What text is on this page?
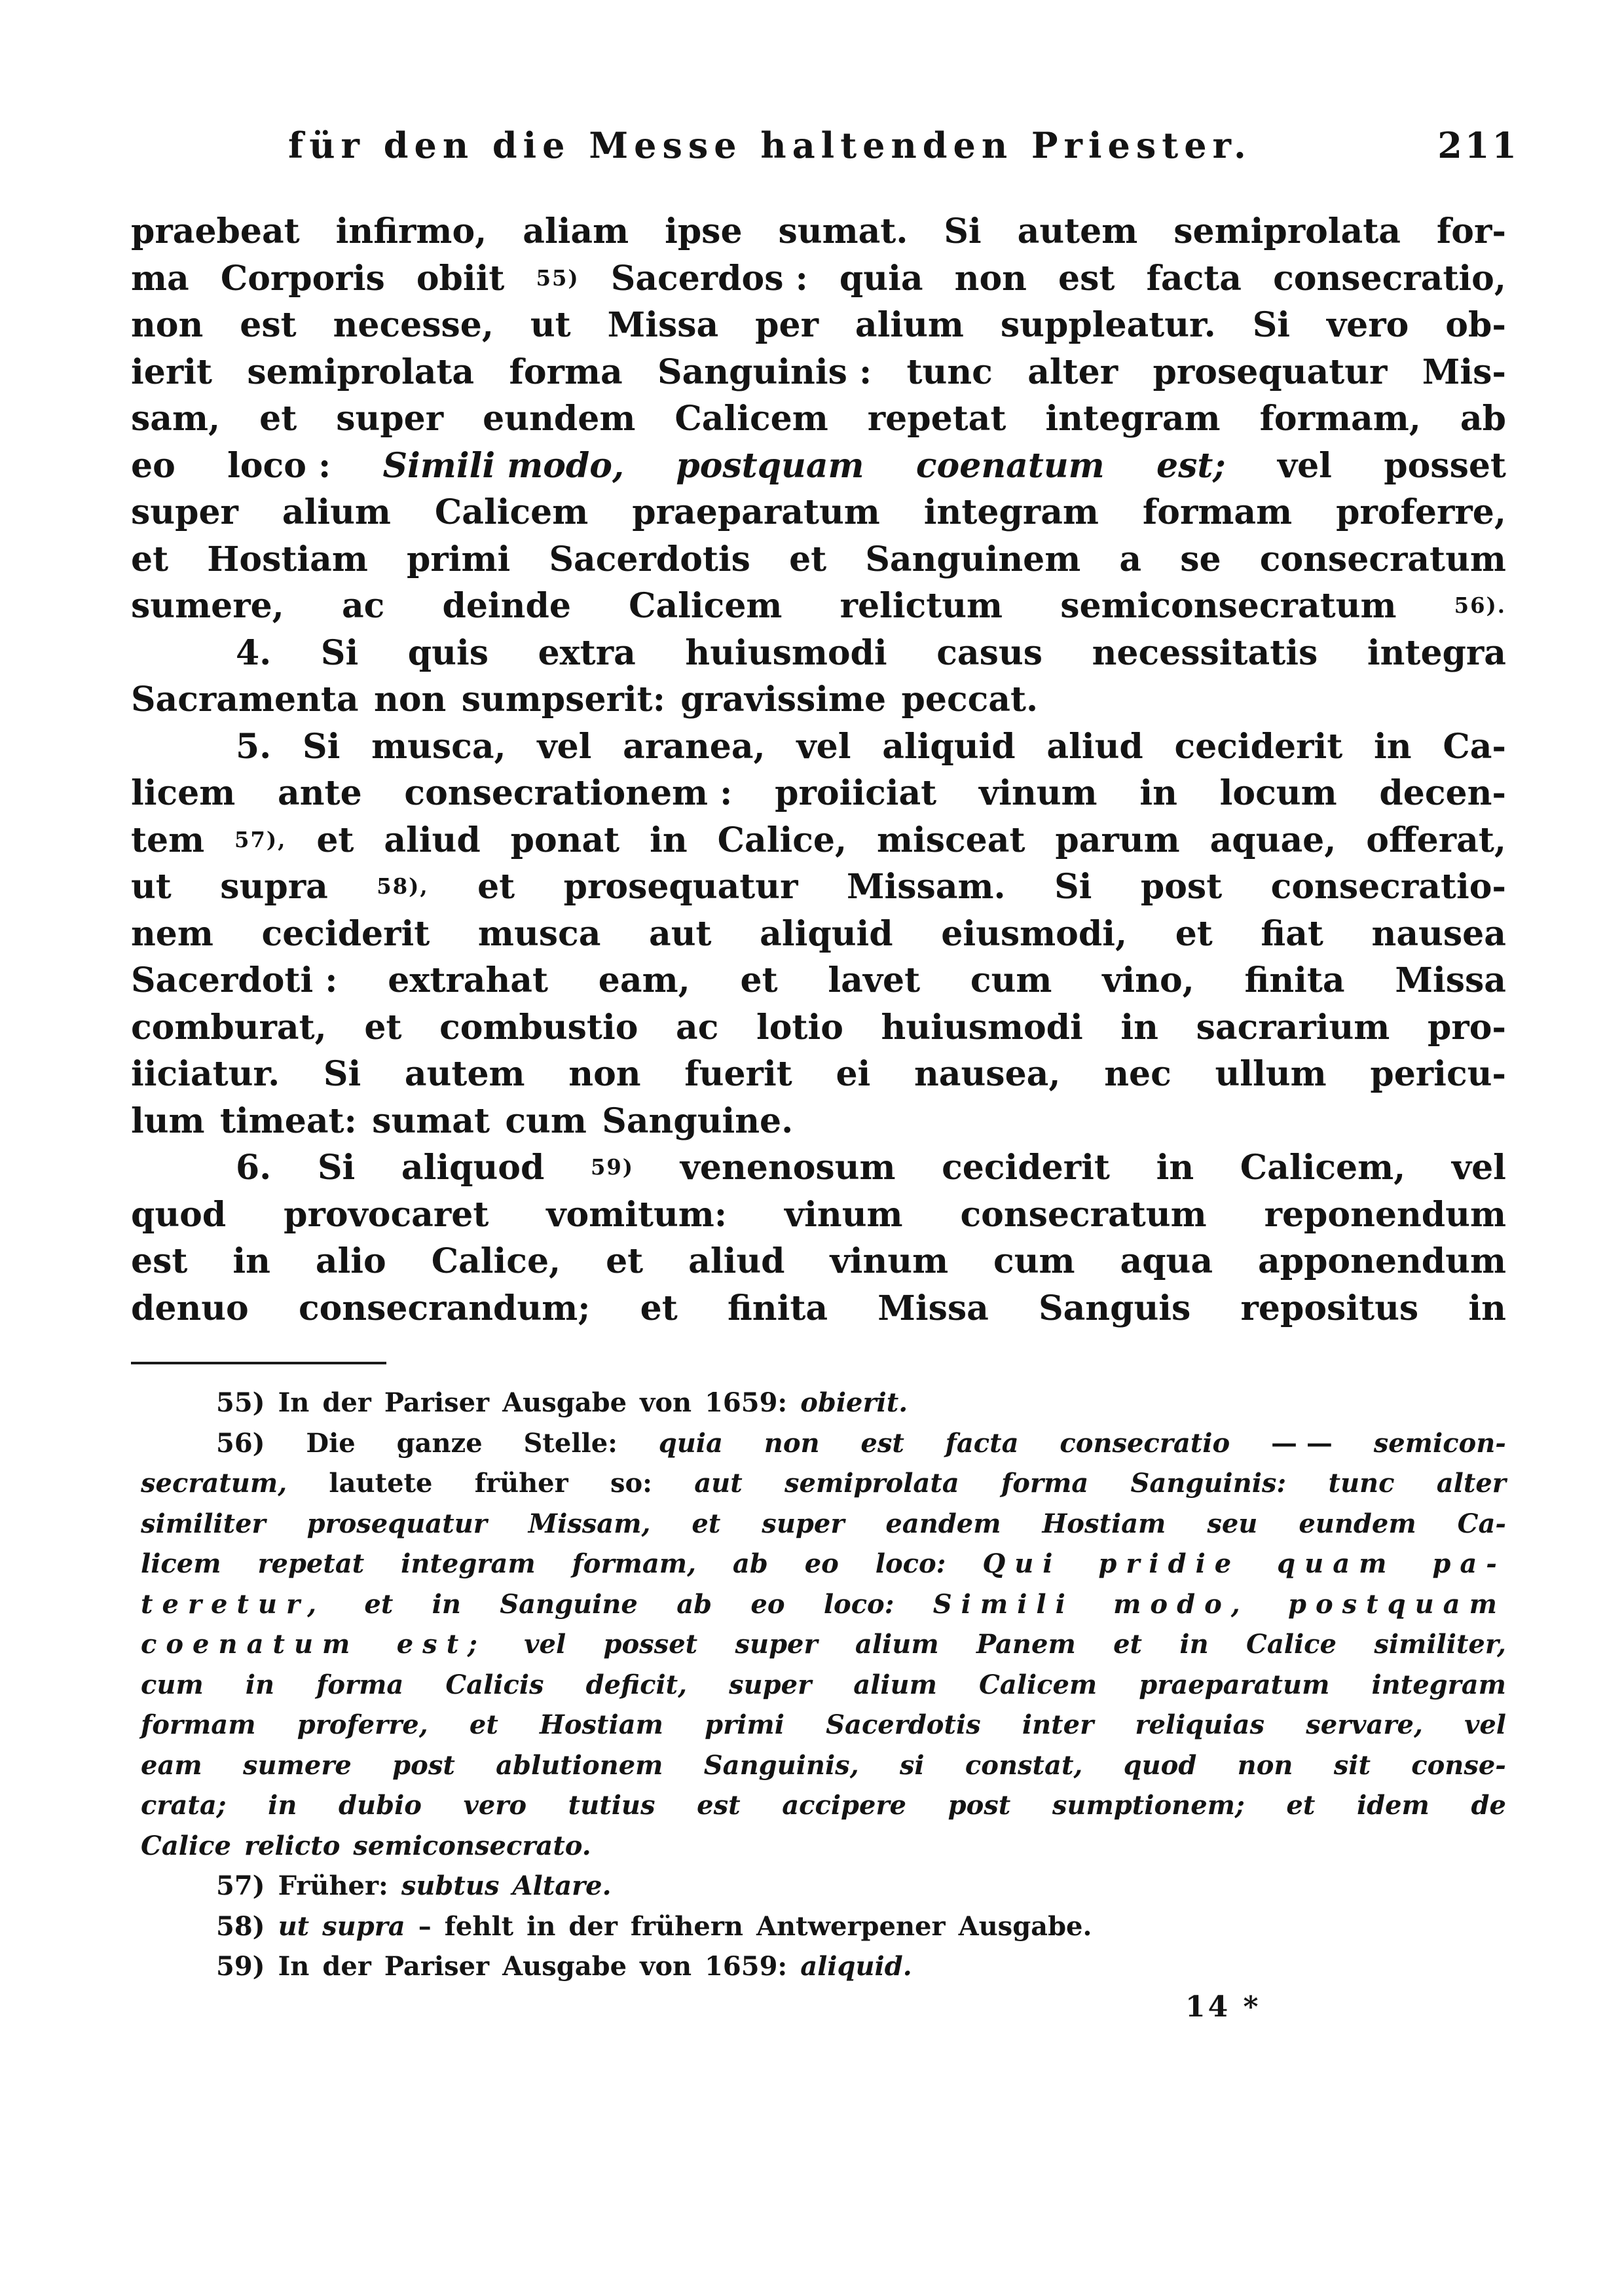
für den die Messe haltenden Priester.	211
praebeat infirmo, aliam ipse sumat. Si autem semiprolata for-
ma Corporis obiit 55) Sacerdos : quia non est facta consecratio,
non est necesse, ut Missa per alium suppleatur. Si vero ob-
ierit semiprolata forma Sanguinis : tunc alter prosequatur Mis-
sam, et super eundem Calicem repetat integram formam, ab
eo loco : Simili modo, postquam coenatum est; vel posset
super alium Calicem praeparatum integram formam proferre,
et Hostiam primi Sacerdotis et Sanguinem a se consecratum
sumere, ac deinde Calicem relictum semiconsecratum	56).
4. Si quis extra huiusmodi casus necessitatis integra
Sacramenta non sumpserit: gravissime peccat.
5. Si musca, vel aranea, vel aliquid aliud ceciderit in Ca-
licem ante consecrationem : proiiciat vinum in locum decen-
tem 57), et aliud ponat in Calice, misceat parum aquae, offerat,
ut supra 58), et prosequatur Missam. Si post consecratio-
nem ceciderit musca aut aliquid eiusmodi, et fiat nausea
Sacerdoti : extrahat eam, et lavet cum vino, finita Missa
comburat, et combustio ac lotio huiusmodi in sacrarium pro-
iiciatur. Si autem non fuerit ei nausea, nec ullum pericu-
lum timeat: sumat cum Sanguine.
6. Si aliquod 59) venenosum ceciderit in Calicem, vel
quod provocaret vomitum: vinum consecratum reponendum
est in alio Calice, et aliud vinum cum aqua apponendum
denuo consecrandum; et finita Missa Sanguis repositus in
55) In der Pariser Ausgabe von 1659: obierit.
56) Die ganze Stelle: quia non est facta consecratio — — semicon-
secratum, lautete früher so: aut semiprolata forma Sanguinis: tunc alter
similiter prosequatur Missam, et super eandem Hostiam seu eundem Ca-
licem repetat integram formam, ab eo loco: Qui pridie quam pa-
teretur, et in Sanguine ab eo loco: Simili modo, postquam
coenatum est; vel posset super alium Panem et in Calice similiter,
cum in forma Calicis deficit, super alium Calicem praeparatum integram
formam proferre, et Hostiam primi Sacerdotis inter reliquias servare, vel
eam sumere post ablutionem Sanguinis, si constat, quod non sit conse-
crata; in dubio vero tutius est accipere post sumptionem; et idem de
Calice relicto semiconsecrato.
57) Früher: subtus Altare.
58) ut supra – fehlt in der frühern Antwerpener Ausgabe.
59) In der Pariser Ausgabe von 1659: aliquid.
14 *
